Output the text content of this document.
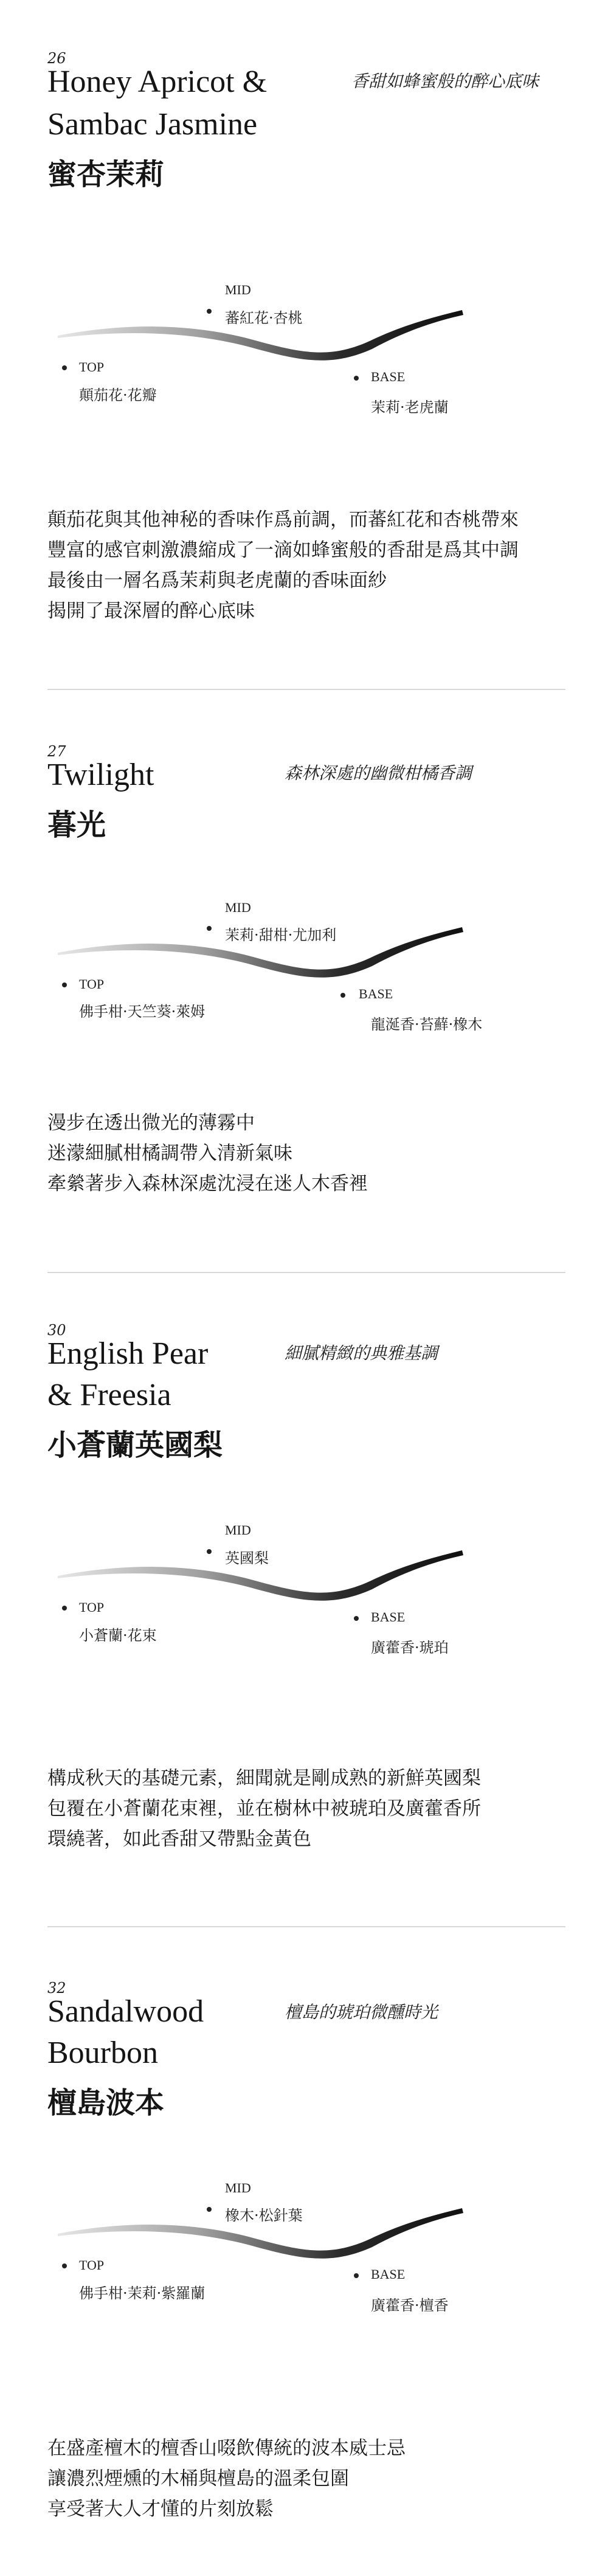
26
Honey Apricot &
Sambac Jasmine
蜜杏茉莉
香甜如蜂蜜般的醉心底味
MID
蕃紅花·杏桃
TOP
顛茄花·花瓣
BASE
茉莉·老虎蘭
顛茄花與其他神秘的香味作爲前調，而蕃紅花和杏桃帶來
豐富的感官刺激濃縮成了一滴如蜂蜜般的香甜是爲其中調
最後由一層名爲茉莉與老虎蘭的香味面紗
揭開了最深層的醉心底味
27
Twilight
暮光
森林深處的幽微柑橘香調
MID
茉莉·甜柑·尤加利
TOP
佛手柑·天竺葵·萊姆
BASE
龍涎香·苔蘚·橡木
漫步在透出微光的薄霧中
迷濛細膩柑橘調帶入清新氣味
牽縈著步入森林深處沈浸在迷人木香裡
30
English Pear
& Freesia
小蒼蘭英國梨
細膩精緻的典雅基調
MID
英國梨
TOP
小蒼蘭·花束
BASE
廣藿香·琥珀
構成秋天的基礎元素，細聞就是剛成熟的新鮮英國梨
包覆在小蒼蘭花束裡，並在樹林中被琥珀及廣藿香所
環繞著，如此香甜又帶點金黃色
32
Sandalwood
Bourbon
檀島波本
檀島的琥珀微醺時光
MID
橡木·松針葉
TOP
佛手柑·茉莉·紫羅蘭
BASE
廣藿香·檀香
在盛產檀木的檀香山啜飲傳統的波本威士忌
讓濃烈煙燻的木桶與檀島的溫柔包圍
享受著大人才懂的片刻放鬆
